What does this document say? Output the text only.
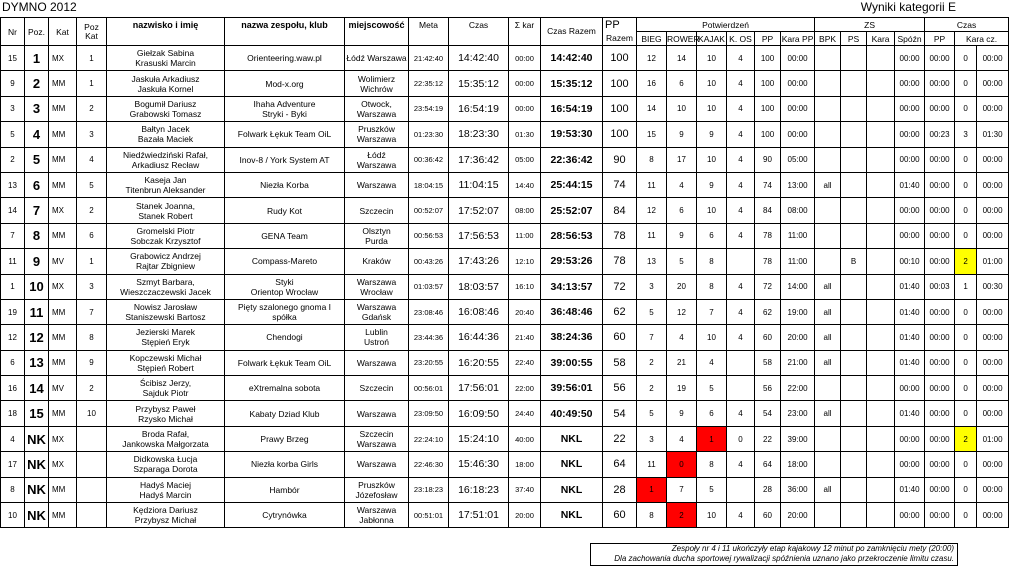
DYMNO 2012	Wyniki kategorii E
Nr	Poz.	Kat	Poz Kat	nazwisko i imię	nazwa zespołu, klub	miejscowość	Meta	Czas	Σ kar	Czas Razem	PP	Potwierdzeń						ZS				Czas		
											Razem	BIEG	ROWER	KAJAK	K. OS	PP	Kara PP	BPK	PS	Kara	Spóźn	PP	Kara cz.	
15	1	MX	1	Giełzak Sabina
Krasuski Marcin	Orienteering.waw.pl	Łódź Warszawa	21:42:40	14:42:40	00:00	14:42:40	100	12	14	10	4	100	00:00				00:00	00:00	0	00:00
9	2	MM	1	Jaskuła Arkadiusz
Jaskuła Kornel	Mod-x.org	Wolimierz
Wichrów	22:35:12	15:35:12	00:00	15:35:12	100	16	6	10	4	100	00:00				00:00	00:00	0	00:00
3	3	MM	2	Bogumił Dariusz
Grabowski Tomasz	Ihaha Adventure
Stryki - Byki	Otwock,
Warszawa	23:54:19	16:54:19	00:00	16:54:19	100	14	10	10	4	100	00:00				00:00	00:00	0	00:00
5	4	MM	3	Bałtyn Jacek
Bazała Maciek	Folwark Łękuk Team OiL	Pruszków
Warszawa	01:23:30	18:23:30	01:30	19:53:30	100	15	9	9	4	100	00:00				00:00	00:23	3	01:30
2	5	MM	4	Niedźwiedziński Rafał,
Arkadiusz Recław	Inov-8 / York System AT	Łódź
Warszawa	00:36:42	17:36:42	05:00	22:36:42	90	8	17	10	4	90	05:00				00:00	00:00	0	00:00
13	6	MM	5	Kaseja Jan
Titenbrun Aleksander	Niezła Korba	Warszawa	18:04:15	11:04:15	14:40	25:44:15	74	11	4	9	4	74	13:00	all			01:40	00:00	0	00:00
14	7	MX	2	Stanek Joanna,
Stanek Robert	Rudy Kot	Szczecin	00:52:07	17:52:07	08:00	25:52:07	84	12	6	10	4	84	08:00				00:00	00:00	0	00:00
7	8	MM	6	Gromelski Piotr
Sobczak Krzysztof	GENA Team	Olsztyn
Purda	00:56:53	17:56:53	11:00	28:56:53	78	11	9	6	4	78	11:00				00:00	00:00	0	00:00
11	9	MV	1	Grabowicz Andrzej
Rajtar Zbigniew	Compass-Mareto	Kraków	00:43:26	17:43:26	12:10	29:53:26	78	13	5	8		78	11:00		B		00:10	00:00	2	01:00
1	10	MX	3	Szmyt Barbara,
Wieszczaczewski Jacek	Styki
Orientop Wrocław	Warszawa
Wrocław	01:03:57	18:03:57	16:10	34:13:57	72	3	20	8	4	72	14:00	all			01:40	00:03	1	00:30
19	11	MM	7	Nowisz Jarosław
Staniszewski Bartosz	Pięty szalonego gnoma I
spółka	Warszawa
Gdańsk	23:08:46	16:08:46	20:40	36:48:46	62	5	12	7	4	62	19:00	all			01:40	00:00	0	00:00
12	12	MM	8	Jezierski Marek
Stępień Eryk	Chendogi	Lublin
Ustroń	23:44:36	16:44:36	21:40	38:24:36	60	7	4	10	4	60	20:00	all			01:40	00:00	0	00:00
6	13	MM	9	Kopczewski Michał
Stępień Robert	Folwark Łękuk Team OiL	Warszawa	23:20:55	16:20:55	22:40	39:00:55	58	2	21	4		58	21:00	all			01:40	00:00	0	00:00
16	14	MV	2	Ścibisz Jerzy,
Sajduk Piotr	eXtremalna sobota	Szczecin	00:56:01	17:56:01	22:00	39:56:01	56	2	19	5		56	22:00				00:00	00:00	0	00:00
18	15	MM	10	Przybysz Paweł
Rzysko Michał	Kabaty Dziad Klub	Warszawa	23:09:50	16:09:50	24:40	40:49:50	54	5	9	6	4	54	23:00	all			01:40	00:00	0	00:00
4	NK	MX		Broda Rafał,
Jankowska Małgorzata	Prawy Brzeg	Szczecin
Warszawa	22:24:10	15:24:10	40:00	NKL	22	3	4	1	0	22	39:00				00:00	00:00	2	01:00
17	NK	MX		Didkowska Łucja
Szparaga Dorota	Niezła korba Girls	Warszawa	22:46:30	15:46:30	18:00	NKL	64	11	0	8	4	64	18:00				00:00	00:00	0	00:00
8	NK	MM		Hadyś Maciej
Hadyś Marcin	Hambór	Pruszków
Józefosław	23:18:23	16:18:23	37:40	NKL	28	1	7	5		28	36:00	all			01:40	00:00	0	00:00
10	NK	MM		Kędziora Dariusz
Przybysz Michał	Cytrynówka	Warszawa
Jabłonna	00:51:01	17:51:01	20:00	NKL	60	8	2	10	4	60	20:00				00:00	00:00	0	00:00
Zespoły nr 4 i 11 ukończyły etap kajakowy 12 minut po zamknięciu mety (20:00)
Dla zachowania ducha sportowej rywalizacji spóźnienia uznano jako przekroczenie limitu czasu.
